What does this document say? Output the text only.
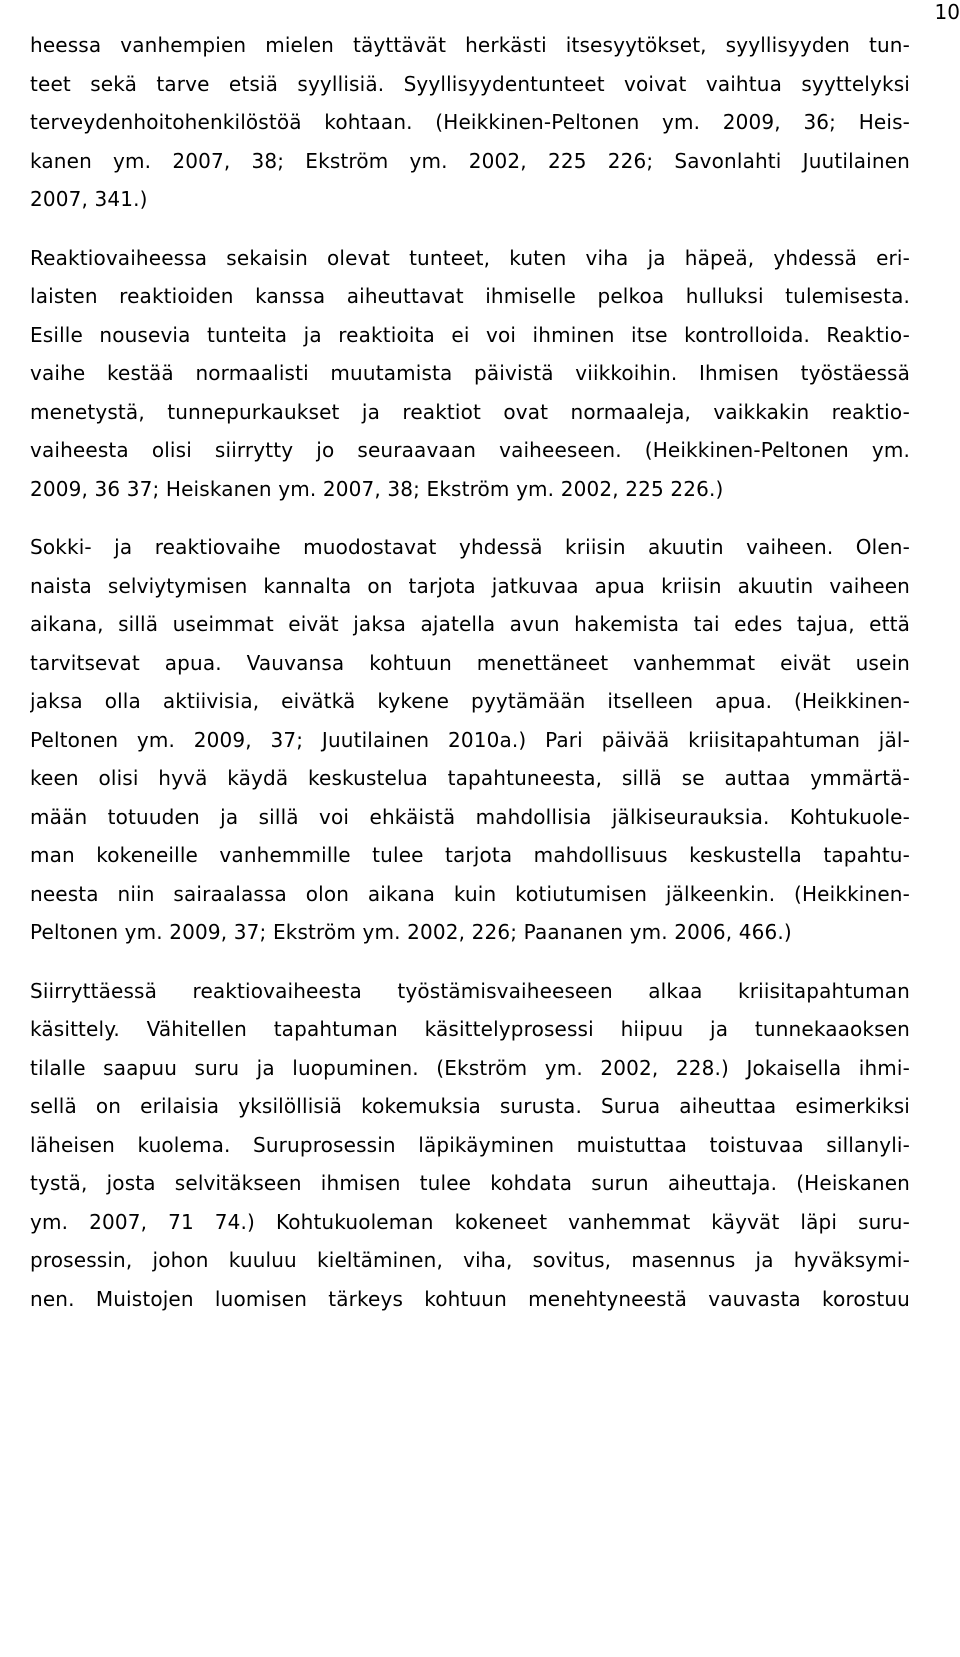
10
heessa vanhempien mielen täyttävät herkästi itsesyytökset, syyllisyyden tun-
teet sekä tarve etsiä syyllisiä. Syyllisyydentunteet voivat vaihtua syyttelyksi
terveydenhoitohenkilöstöä kohtaan. (Heikkinen-Peltonen ym. 2009, 36; Heis-
kanen ym. 2007, 38; Ekström ym. 2002, 225 226; Savonlahti Juutilainen
2007, 341.)
Reaktiovaiheessa sekaisin olevat tunteet, kuten viha ja häpeä, yhdessä eri-
laisten reaktioiden kanssa aiheuttavat ihmiselle pelkoa hulluksi tulemisesta.
Esille nousevia tunteita ja reaktioita ei voi ihminen itse kontrolloida. Reaktio-
vaihe kestää normaalisti muutamista päivistä viikkoihin. Ihmisen työstäessä
menetystä, tunnepurkaukset ja reaktiot ovat normaaleja, vaikkakin reaktio-
vaiheesta olisi siirrytty jo seuraavaan vaiheeseen. (Heikkinen-Peltonen ym.
2009, 36 37; Heiskanen ym. 2007, 38; Ekström ym. 2002, 225 226.)
Sokki- ja reaktiovaihe muodostavat yhdessä kriisin akuutin vaiheen. Olen-
naista selviytymisen kannalta on tarjota jatkuvaa apua kriisin akuutin vaiheen
aikana, sillä useimmat eivät jaksa ajatella avun hakemista tai edes tajua, että
tarvitsevat apua. Vauvansa kohtuun menettäneet vanhemmat eivät usein
jaksa olla aktiivisia, eivätkä kykene pyytämään itselleen apua. (Heikkinen-
Peltonen ym. 2009, 37; Juutilainen 2010a.) Pari päivää kriisitapahtuman jäl-
keen olisi hyvä käydä keskustelua tapahtuneesta, sillä se auttaa ymmärtä-
mään totuuden ja sillä voi ehkäistä mahdollisia jälkiseurauksia. Kohtukuole-
man kokeneille vanhemmille tulee tarjota mahdollisuus keskustella tapahtu-
neesta niin sairaalassa olon aikana kuin kotiutumisen jälkeenkin. (Heikkinen-
Peltonen ym. 2009, 37; Ekström ym. 2002, 226; Paananen ym. 2006, 466.)
Siirryttäessä reaktiovaiheesta työstämisvaiheeseen alkaa kriisitapahtuman
käsittely. Vähitellen tapahtuman käsittelyprosessi hiipuu ja tunnekaaoksen
tilalle saapuu suru ja luopuminen. (Ekström ym. 2002, 228.) Jokaisella ihmi-
sellä on erilaisia yksilöllisiä kokemuksia surusta. Surua aiheuttaa esimerkiksi
läheisen kuolema. Suruprosessin läpikäyminen muistuttaa toistuvaa sillanyli-
tystä, josta selvitäkseen ihmisen tulee kohdata surun aiheuttaja. (Heiskanen
ym. 2007, 71 74.) Kohtukuoleman kokeneet vanhemmat käyvät läpi suru-
prosessin, johon kuuluu kieltäminen, viha, sovitus, masennus ja hyväksymi-
nen. Muistojen luomisen tärkeys kohtuun menehtyneestä vauvasta korostuu
